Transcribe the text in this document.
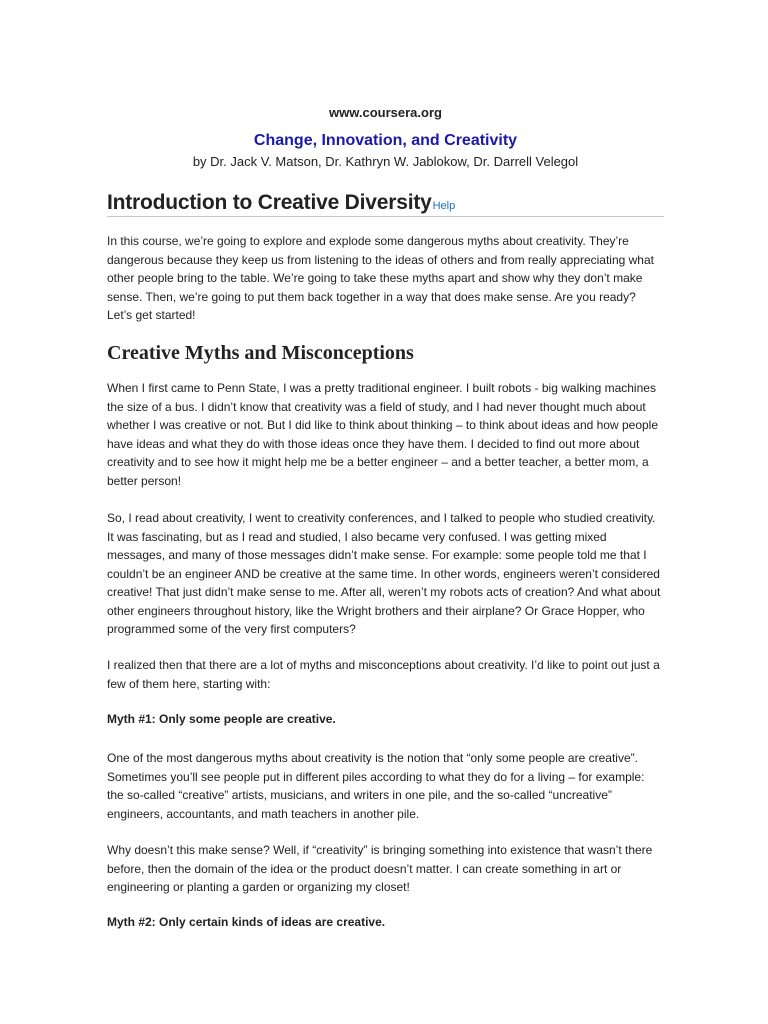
www.coursera.org
Change, Innovation, and Creativity
by Dr. Jack V. Matson, Dr. Kathryn W. Jablokow, Dr. Darrell Velegol
Introduction to Creative DiversityHelp

In this course, we’re going to explore and explode some dangerous myths about creativity. They’re dangerous because they keep us from listening to the ideas of others and from really appreciating what other people bring to the table. We’re going to take these myths apart and show why they don’t make sense. Then, we’re going to put them back together in a way that does make sense. Are you ready? Let’s get started!

Creative Myths and Misconceptions

When I first came to Penn State, I was a pretty traditional engineer. I built robots - big walking machines the size of a bus. I didn’t know that creativity was a field of study, and I had never thought much about whether I was creative or not. But I did like to think about thinking – to think about ideas and how people have ideas and what they do with those ideas once they have them. I decided to find out more about creativity and to see how it might help me be a better engineer – and a better teacher, a better mom, a better person!

So, I read about creativity, I went to creativity conferences, and I talked to people who studied creativity. It was fascinating, but as I read and studied, I also became very confused. I was getting mixed messages, and many of those messages didn’t make sense. For example: some people told me that I couldn’t be an engineer AND be creative at the same time. In other words, engineers weren’t considered creative! That just didn’t make sense to me. After all, weren’t my robots acts of creation? And what about other engineers throughout history, like the Wright brothers and their airplane? Or Grace Hopper, who programmed some of the very first computers?

I realized then that there are a lot of myths and misconceptions about creativity. I’d like to point out just a few of them here, starting with:

Myth #1: Only some people are creative.

One of the most dangerous myths about creativity is the notion that “only some people are creative”. Sometimes you’ll see people put in different piles according to what they do for a living – for example: the so-called “creative” artists, musicians, and writers in one pile, and the so-called “uncreative” engineers, accountants, and math teachers in another pile.

Why doesn’t this make sense? Well, if “creativity” is bringing something into existence that wasn’t there before, then the domain of the idea or the product doesn’t matter. I can create something in art or engineering or planting a garden or organizing my closet!

Myth #2: Only certain kinds of ideas are creative.
